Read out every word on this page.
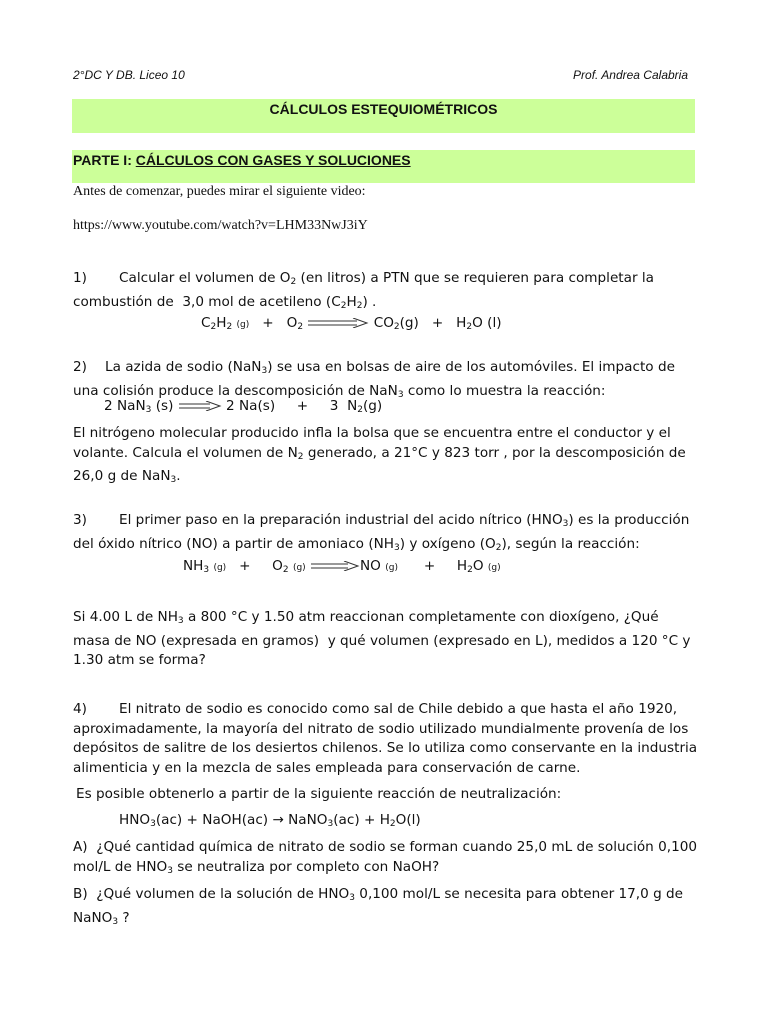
2°DC Y DB. Liceo 10	Prof. Andrea Calabria
CÁLCULOS ESTEQUIOMÉTRICOS
PARTE I: CÁLCULOS CON GASES Y SOLUCIONES
Antes de comenzar, puedes mirar el siguiente video:
https://www.youtube.com/watch?v=LHM33NwJ3iY
1) Calcular el volumen de $O_2$ (en litros) a PTN que se requieren para completar la combustión de  3,0 mol de acetileno $(C_2H_2)$ .
$C_2H_2$ $(g) + O_2$	$CO_2(g) + H_2O$ (l)
2) La azida de sodio (NaN$_3$) se usa en bolsas de aire de los automóviles. El impacto de una colisión produce la descomposición de NaN$_3$ como lo muestra la reacción:
2 NaN$_3$ (s)	2 Na(s)     +     3  $N_2(g)$
El nitrógeno molecular producido infla la bolsa que se encuentra entre el conductor y el volante. Calcula el volumen de $N_2$ generado, a 21°C y 823 torr , por la descomposición de 26,0 g de NaN$_3$.
3) El primer paso en la preparación industrial del acido nítrico $(HNO_3)$ es la producción del óxido nítrico (NO) a partir de amoniaco $(NH_3)$ y oxígeno $(O_2)$, según la reacción:
$NH_3$ (g)   +     $O_2$ (g)	NO (g)      +     $H_2O$ (g)
Si 4.00 L de $NH_3$ a 800 °C y 1.50 atm reaccionan completamente con dioxígeno, ¿Qué masa de NO (expresada en gramos)  y qué volumen (expresado en L), medidos a 120 °C y 1.30 atm se forma?
4) El nitrato de sodio es conocido como sal de Chile debido a que hasta el año 1920, aproximadamente, la mayoría del nitrato de sodio utilizado mundialmente provenía de los depósitos de salitre de los desiertos chilenos. Se lo utiliza como conservante en la industria alimenticia y en la mezcla de sales empleada para conservación de carne.
Es posible obtenerlo a partir de la siguiente reacción de neutralización:
$HNO_3(ac)$ + NaOH(ac) → NaNO$_3$(ac) + $H_2O(l)$
A)  ¿Qué cantidad química de nitrato de sodio se forman cuando 25,0 mL de solución 0,100 mol/L de $HNO_3$ se neutraliza por completo con NaOH?
B)  ¿Qué volumen de la solución de $HNO_3$ 0,100 mol/L se necesita para obtener 17,0 g de NaNO$_3$ ?
